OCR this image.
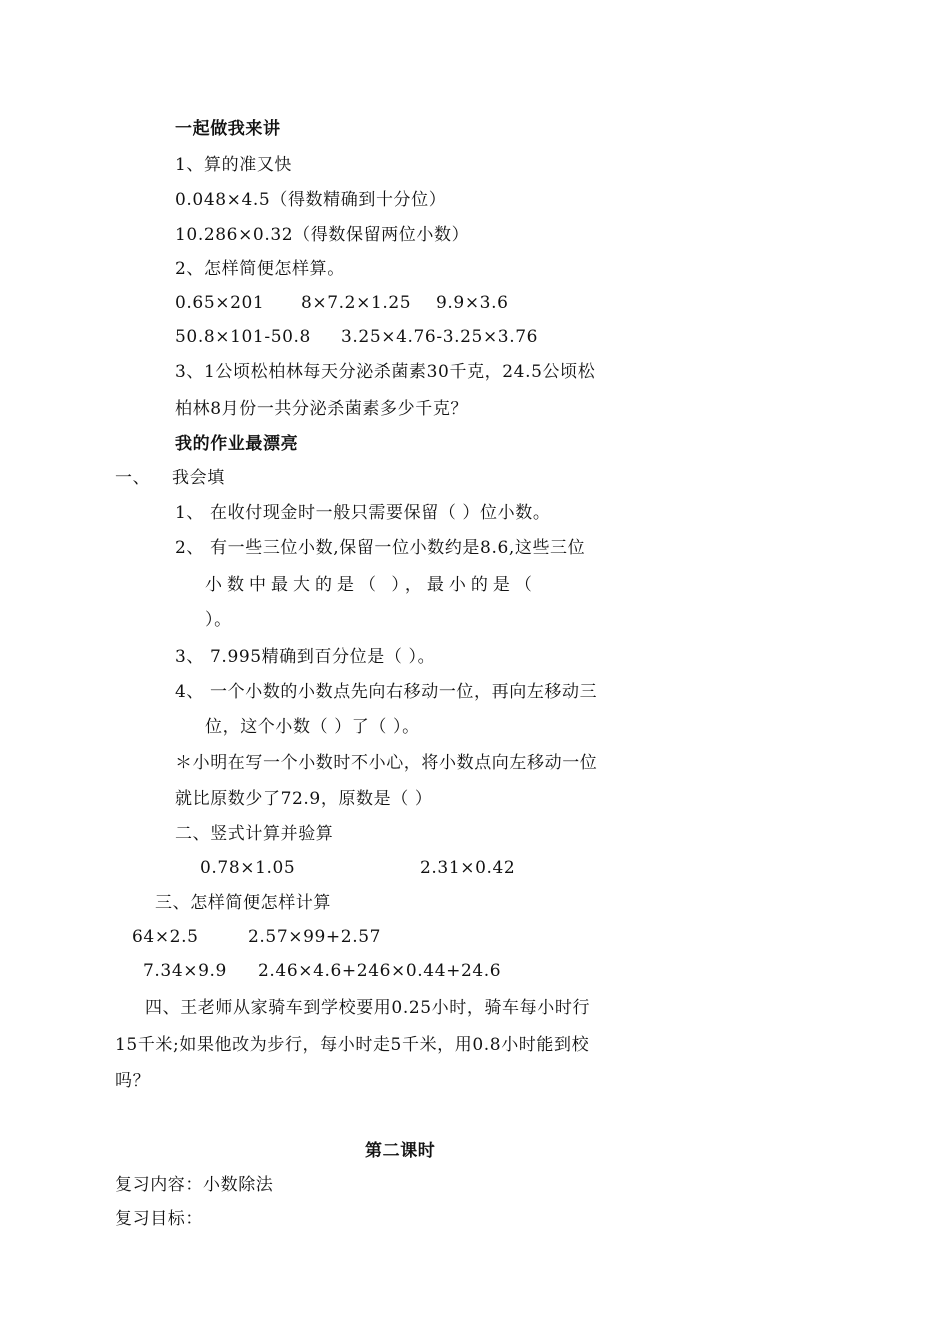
一起做我来讲
1、算的准又快
0.048×4.5（得数精确到十分位）
10.286×0.32（得数保留两位小数）
2、怎样简便怎样算。
0.65×201 8×7.2×1.25 9.9×3.6
50.8×101-50.8 3.25×4.76-3.25×3.76
3、1公顷松柏林每天分泌杀菌素30千克，24.5公顷松
柏林8月份一共分泌杀菌素多少千克？
我的作业最漂亮
一、 我会填
1、 在收付现金时一般只需要保留（ ）位小数。
2、 有一些三位小数,保留一位小数约是8.6,这些三位
小数中最大的是（ ），最小的是（
）。
3、 7.995精确到百分位是（ ）。
4、 一个小数的小数点先向右移动一位，再向左移动三
位，这个小数（ ）了（ ）。
＊小明在写一个小数时不小心，将小数点向左移动一位
就比原数少了72.9，原数是（ ）
二、竖式计算并验算
0.78×1.05	2.31×0.42
三、怎样简便怎样计算
64×2.5	2.57×99+2.57
7.34×9.9 2.46×4.6+246×0.44+24.6
四、王老师从家骑车到学校要用0.25小时，骑车每小时行
15千米;如果他改为步行，每小时走5千米，用0.8小时能到校
吗？
第二课时
复习内容：小数除法
复习目标：
